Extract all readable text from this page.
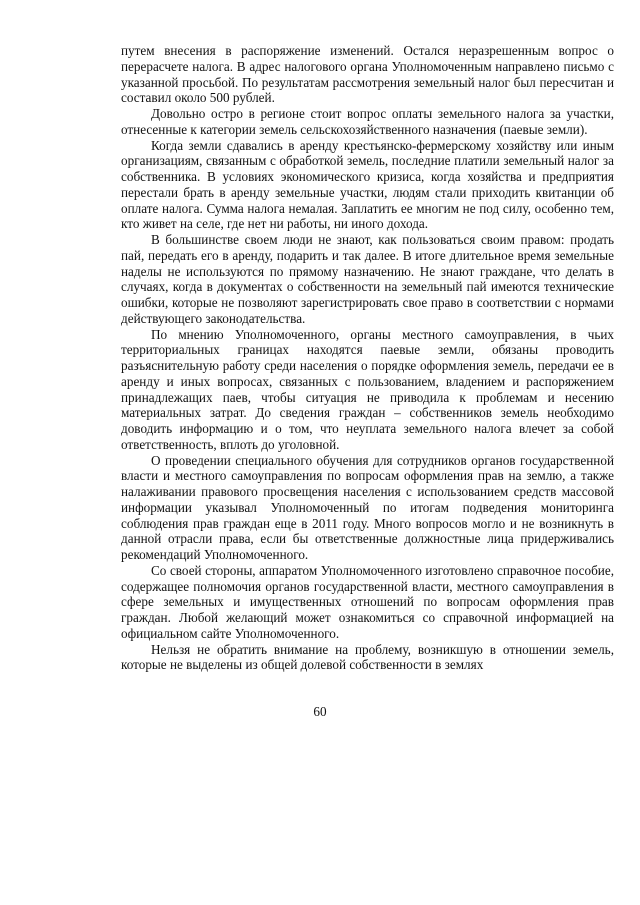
путем внесения в распоряжение изменений. Остался неразрешенным вопрос о перерасчете налога. В адрес налогового органа Уполномоченным направлено письмо с указанной просьбой. По результатам рассмотрения земельный налог был пересчитан и составил около 500 рублей.

Довольно остро в регионе стоит вопрос оплаты земельного налога за участки, отнесенные к категории земель сельскохозяйственного назначения (паевые земли).

Когда земли сдавались в аренду крестьянско-фермерскому хозяйству или иным организациям, связанным с обработкой земель, последние платили земельный налог за собственника. В условиях экономического кризиса, когда хозяйства и предприятия перестали брать в аренду земельные участки, людям стали приходить квитанции об оплате налога. Сумма налога немалая. Заплатить ее многим не под силу, особенно тем, кто живет на селе, где нет ни работы, ни иного дохода.

В большинстве своем люди не знают, как пользоваться своим правом: продать пай, передать его в аренду, подарить и так далее. В итоге длительное время земельные наделы не используются по прямому назначению. Не знают граждане, что делать в случаях, когда в документах о собственности на земельный пай имеются технические ошибки, которые не позволяют зарегистрировать свое право в соответствии с нормами действующего законодательства.

По мнению Уполномоченного, органы местного самоуправления, в чьих территориальных границах находятся паевые земли, обязаны проводить разъяснительную работу среди населения о порядке оформления земель, передачи ее в аренду и иных вопросах, связанных с пользованием, владением и распоряжением принадлежащих паев, чтобы ситуация не приводила к проблемам и несению материальных затрат. До сведения граждан – собственников земель необходимо доводить информацию и о том, что неуплата земельного налога влечет за собой ответственность, вплоть до уголовной.

О проведении специального обучения для сотрудников органов государственной власти и местного самоуправления по вопросам оформления прав на землю, а также налаживании правового просвещения населения с использованием средств массовой информации указывал Уполномоченный по итогам подведения мониторинга соблюдения прав граждан еще в 2011 году. Много вопросов могло и не возникнуть в данной отрасли права, если бы ответственные должностные лица придерживались рекомендаций Уполномоченного.

Со своей стороны, аппаратом Уполномоченного изготовлено справочное пособие, содержащее полномочия органов государственной власти, местного самоуправления в сфере земельных и имущественных отношений по вопросам оформления прав граждан. Любой желающий может ознакомиться со справочной информацией на официальном сайте Уполномоченного.

Нельзя не обратить внимание на проблему, возникшую в отношении земель, которые не выделены из общей долевой собственности в землях

60
